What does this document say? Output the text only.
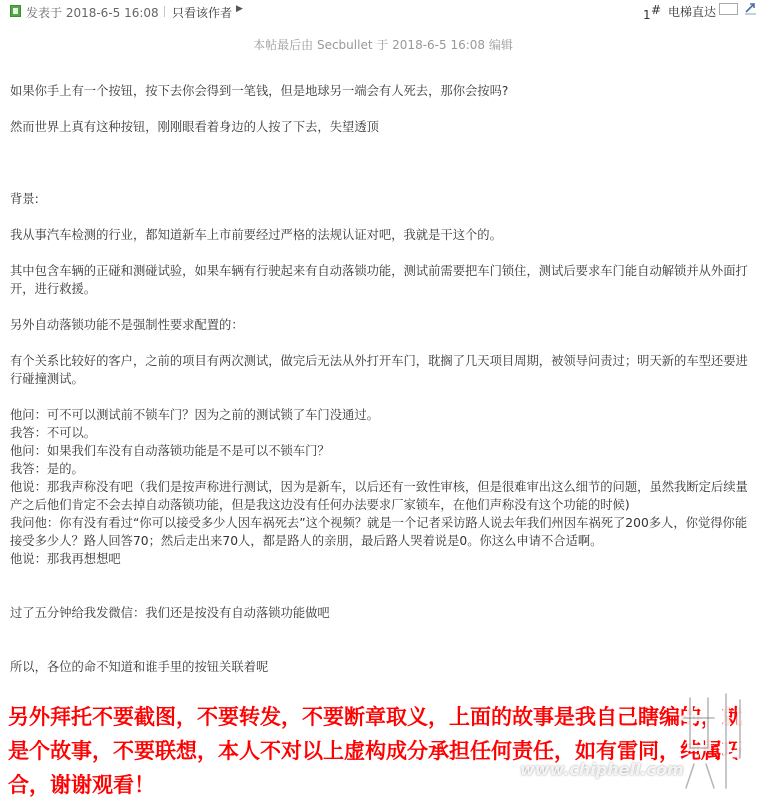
发表于 2018-6-5 16:08 只看该作者 ▶	1 # 电梯直达
本帖最后由 Secbullet 于 2018-6-5 16:08 编辑

如果你手上有一个按钮，按下去你会得到一笔钱，但是地球另一端会有人死去，那你会按吗?

然而世界上真有这种按钮，刚刚眼看着身边的人按了下去，失望透顶

背景:

我从事汽车检测的行业，都知道新车上市前要经过严格的法规认证对吧，我就是干这个的。

其中包含车辆的正碰和测碰试验，如果车辆有行驶起来有自动落锁功能，测试前需要把车门锁住，测试后要求车门能自动解锁并从外面打开，进行救援。

另外自动落锁功能不是强制性要求配置的：

有个关系比较好的客户，之前的项目有两次测试，做完后无法从外打开车门，耽搁了几天项目周期，被领导问责过；明天新的车型还要进行碰撞测试。

他问：可不可以测试前不锁车门？因为之前的测试锁了车门没通过。

我答：不可以。

他问：如果我们车没有自动落锁功能是不是可以不锁车门？

我答：是的。

他说：那我声称没有吧（我们是按声称进行测试，因为是新车，以后还有一致性审核，但是很难审出这么细节的问题，虽然我断定后续量产之后他们肯定不会去掉自动落锁功能，但是我这边没有任何办法要求厂家锁车，在他们声称没有这个功能的时候)

我问他：你有没有看过“你可以接受多少人因车祸死去”这个视频？就是一个记者采访路人说去年我们州因车祸死了200多人，你觉得你能接受多少人？路人回答70；然后走出来70人，都是路人的亲朋，最后路人哭着说是0。你这么申请不合适啊。

他说：那我再想想吧

过了五分钟给我发微信：我们还是按没有自动落锁功能做吧

所以，各位的命不知道和谁手里的按钮关联着呢

另外拜托不要截图，不要转发，不要断章取义，上面的故事是我自己瞎编的，就是个故事，不要联想，本人不对以上虚构成分承担任何责任，如有雷同，纯属巧合，谢谢观看！
www.chiphell.com
